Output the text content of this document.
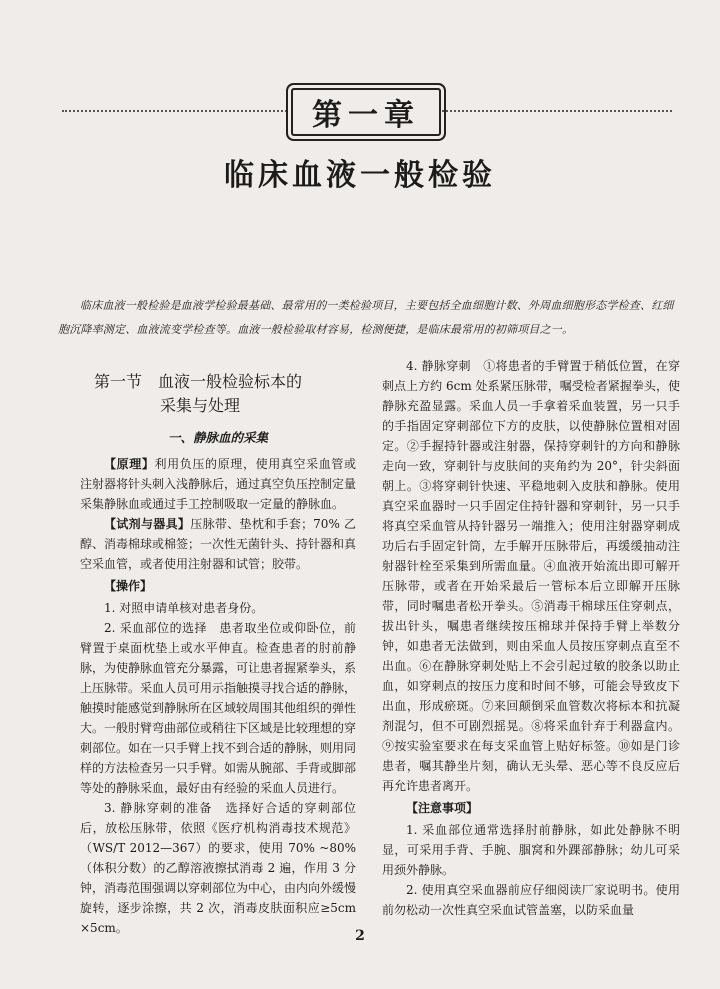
第一章
临床血液一般检验
临床血液一般检验是血液学检验最基础、最常用的一类检验项目，主要包括全血细胞计数、外周血细胞形态学检查、红细胞沉降率测定、血液流变学检查等。血液一般检验取材容易，检测便捷，是临床最常用的初筛项目之一。
第一节　血液一般检验标本的
采集与处理
一、静脉血的采集

【原理】利用负压的原理，使用真空采血管或注射器将针头刺入浅静脉后，通过真空负压控制定量采集静脉血或通过手工控制吸取一定量的静脉血。

【试剂与器具】压脉带、垫枕和手套；70% 乙醇、消毒棉球或棉签；一次性无菌针头、持针器和真空采血管，或者使用注射器和试管；胶带。

【操作】

1. 对照申请单核对患者身份。

2. 采血部位的选择　患者取坐位或仰卧位，前臂置于桌面枕垫上或水平伸直。检查患者的肘前静脉，为使静脉血管充分暴露，可让患者握紧拳头，系上压脉带。采血人员可用示指触摸寻找合适的静脉，触摸时能感觉到静脉所在区域较周围其他组织的弹性大。一般肘臂弯曲部位或稍往下区域是比较理想的穿刺部位。如在一只手臂上找不到合适的静脉，则用同样的方法检查另一只手臂。如需从腕部、手背或脚部等处的静脉采血，最好由有经验的采血人员进行。

3. 静脉穿刺的准备　选择好合适的穿刺部位后，放松压脉带，依照《医疗机构消毒技术规范》（WS/T 2012—367）的要求，使用 70% ~80%（体积分数）的乙醇溶液擦拭消毒 2 遍，作用 3 分钟，消毒范围强调以穿刺部位为中心，由内向外缓慢旋转，逐步涂擦，共 2 次，消毒皮肤面积应≥5cm ×5cm。

4. 静脉穿刺　①将患者的手臂置于稍低位置，在穿刺点上方约 6cm 处系紧压脉带，嘱受检者紧握拳头，使静脉充盈显露。采血人员一手拿着采血装置，另一只手的手指固定穿刺部位下方的皮肤，以使静脉位置相对固定。②手握持针器或注射器，保持穿刺针的方向和静脉走向一致，穿刺针与皮肤间的夹角约为 20°，针尖斜面朝上。③将穿刺针快速、平稳地刺入皮肤和静脉。使用真空采血器时一只手固定住持针器和穿刺针，另一只手将真空采血管从持针器另一端推入；使用注射器穿刺成功后右手固定针筒，左手解开压脉带后，再缓缓抽动注射器针栓至采集到所需血量。④血液开始流出即可解开压脉带，或者在开始采最后一管标本后立即解开压脉带，同时嘱患者松开拳头。⑤消毒干棉球压住穿刺点，拔出针头，嘱患者继续按压棉球并保持手臂上举数分钟，如患者无法做到，则由采血人员按压穿刺点直至不出血。⑥在静脉穿刺处贴上不会引起过敏的胶条以助止血，如穿刺点的按压力度和时间不够，可能会导致皮下出血，形成瘀斑。⑦来回颠倒采血管数次将标本和抗凝剂混匀，但不可剧烈摇晃。⑧将采血针弃于利器盒内。⑨按实验室要求在每支采血管上贴好标签。⑩如是门诊患者，嘱其静坐片刻，确认无头晕、恶心等不良反应后再允许患者离开。

【注意事项】

1. 采血部位通常选择肘前静脉，如此处静脉不明显，可采用手背、手腕、腘窝和外踝部静脉；幼儿可采用颈外静脉。

2. 使用真空采血器前应仔细阅读厂家说明书。使用前勿松动一次性真空采血试管盖塞，以防采血量

2
